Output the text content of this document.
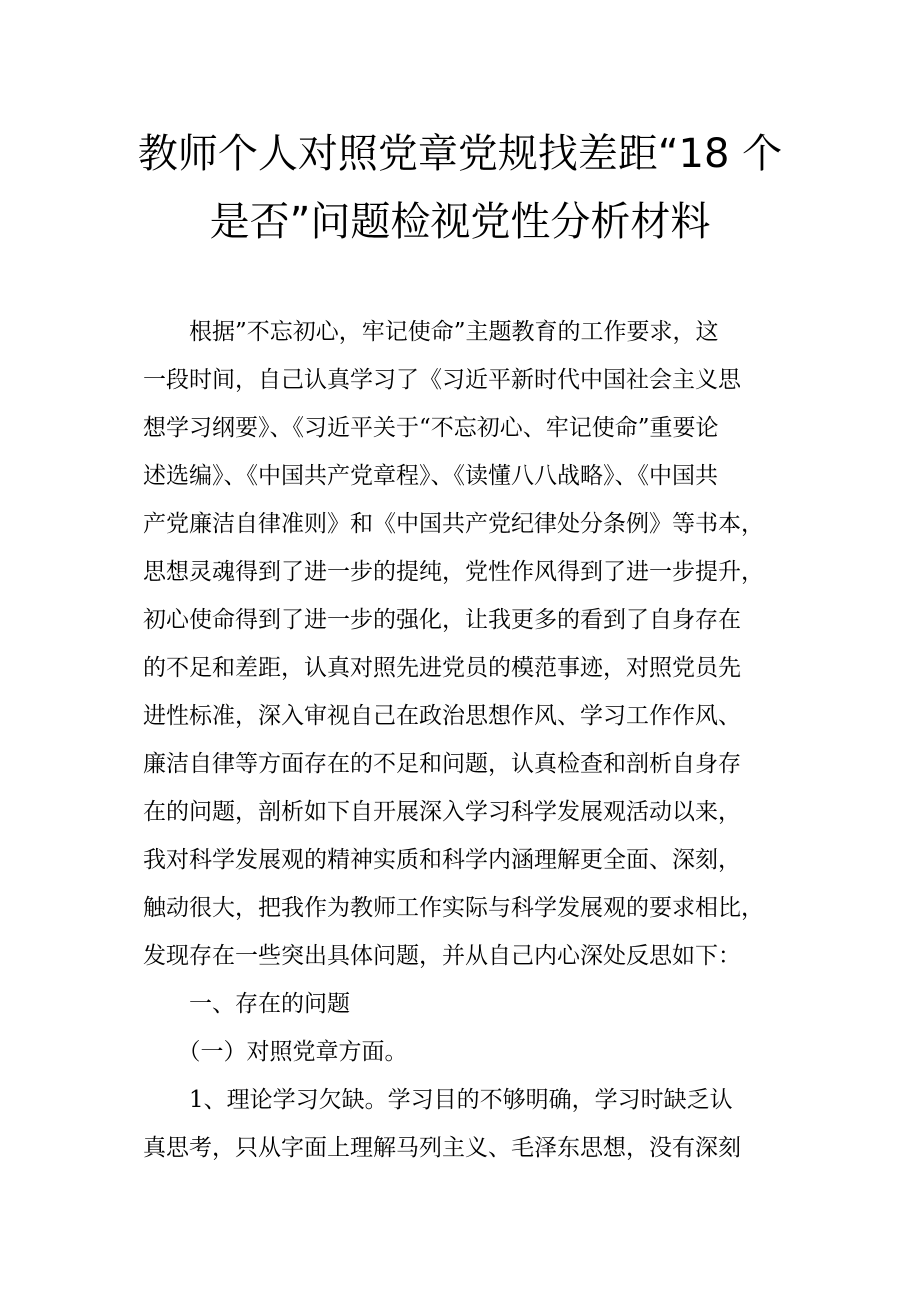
教师个人对照党章党规找差距“18 个
是否”问题检视党性分析材料
　　根据”不忘初心，牢记使命”主题教育的工作要求，这
一段时间，自己认真学习了《习近平新时代中国社会主义思
想学习纲要》、《习近平关于“不忘初心、牢记使命”重要论
述选编》、《中国共产党章程》、《读懂八八战略》、《中国共
产党廉洁自律准则》和《中国共产党纪律处分条例》等书本，
思想灵魂得到了进一步的提纯，党性作风得到了进一步提升，
初心使命得到了进一步的强化，让我更多的看到了自身存在
的不足和差距，认真对照先进党员的模范事迹，对照党员先
进性标准，深入审视自己在政治思想作风、学习工作作风、
廉洁自律等方面存在的不足和问题，认真检查和剖析自身存
在的问题，剖析如下自开展深入学习科学发展观活动以来，
我对科学发展观的精神实质和科学内涵理解更全面、深刻，
触动很大，把我作为教师工作实际与科学发展观的要求相比，
发现存在一些突出具体问题，并从自己内心深处反思如下：
　　一、存在的问题
　　（一）对照党章方面。
　　1、理论学习欠缺。学习目的不够明确，学习时缺乏认
真思考，只从字面上理解马列主义、毛泽东思想，没有深刻
